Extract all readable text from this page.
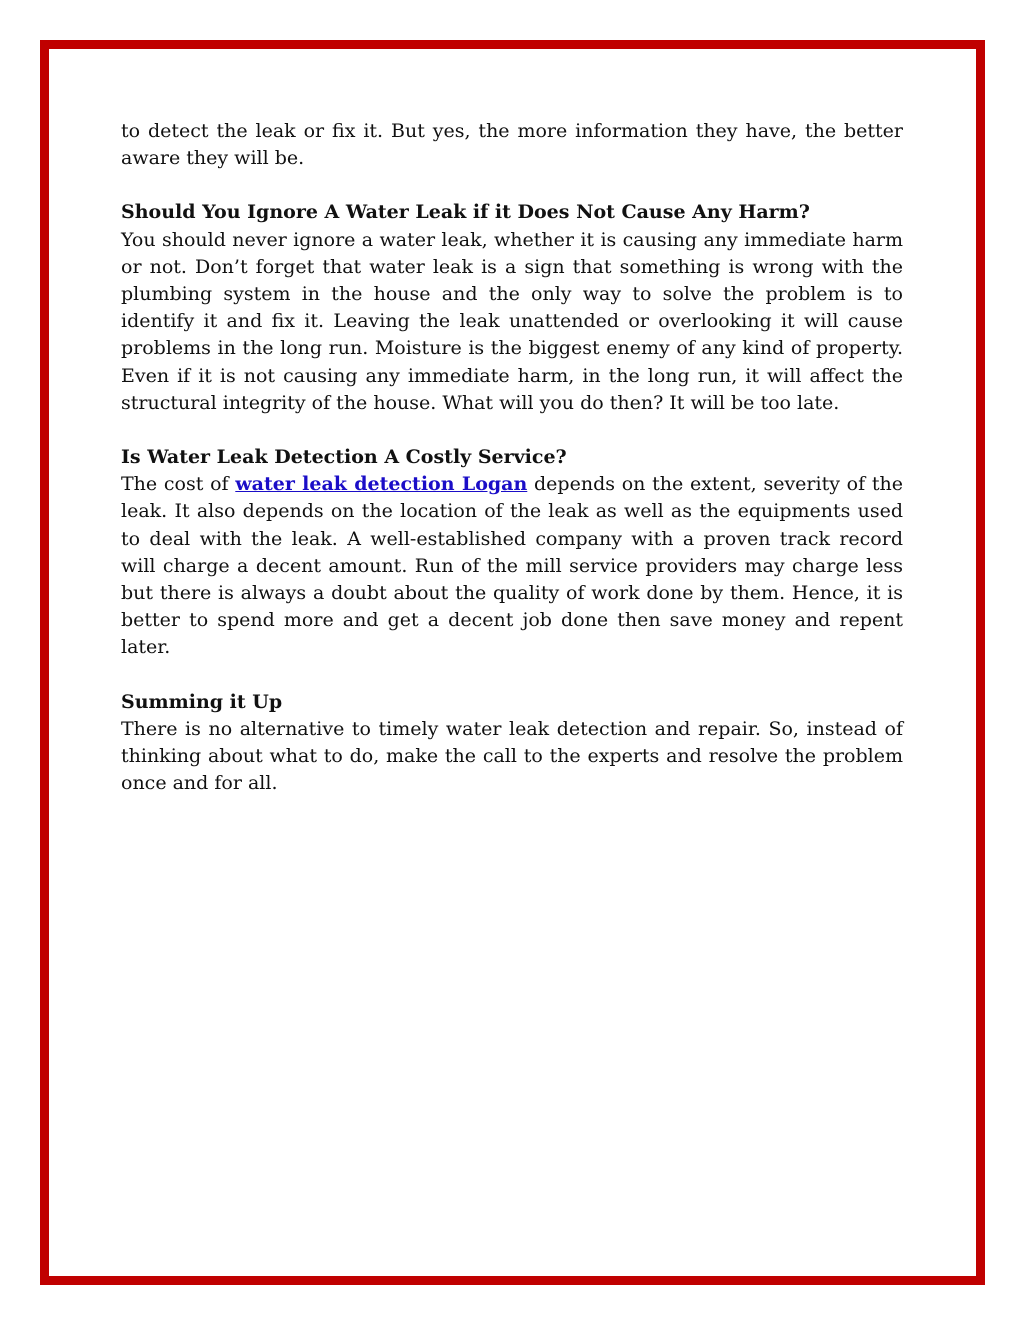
to detect the leak or fix it. But yes, the more information they have, the better aware they will be.

Should You Ignore A Water Leak if it Does Not Cause Any Harm?

You should never ignore a water leak, whether it is causing any immediate harm or not. Don’t forget that water leak is a sign that something is wrong with the plumbing system in the house and the only way to solve the problem is to identify it and fix it. Leaving the leak unattended or overlooking it will cause problems in the long run. Moisture is the biggest enemy of any kind of property. Even if it is not causing any immediate harm, in the long run, it will affect the structural integrity of the house. What will you do then? It will be too late.

Is Water Leak Detection A Costly Service?

The cost of water leak detection Logan depends on the extent, severity of the leak. It also depends on the location of the leak as well as the equipments used to deal with the leak. A well-established company with a proven track record will charge a decent amount. Run of the mill service providers may charge less but there is always a doubt about the quality of work done by them. Hence, it is better to spend more and get a decent job done then save money and repent later.

Summing it Up

There is no alternative to timely water leak detection and repair. So, instead of thinking about what to do, make the call to the experts and resolve the problem once and for all.
